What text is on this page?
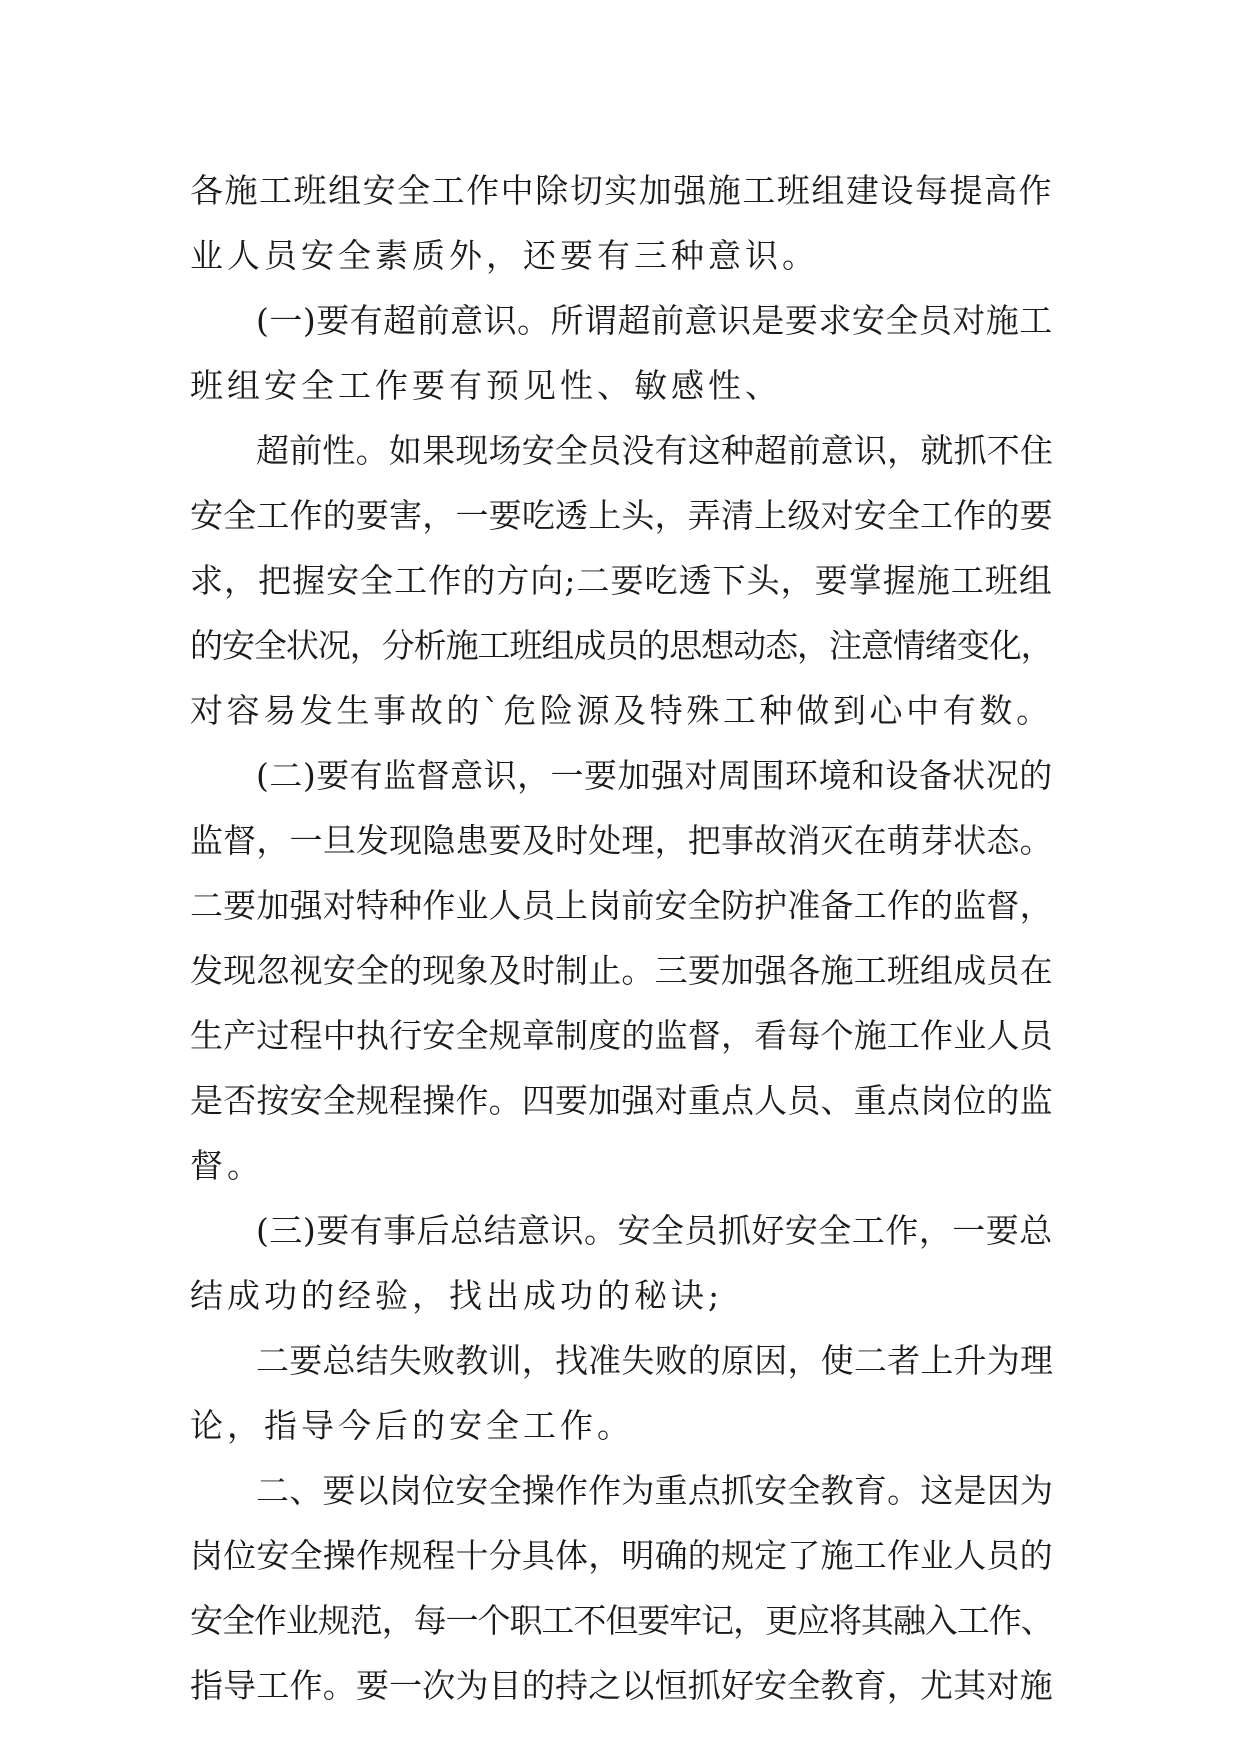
各施工班组安全工作中除切实加强施工班组建设每提高作
业人员安全素质外，还要有三种意识。
(一)要有超前意识。所谓超前意识是要求安全员对施工
班组安全工作要有预见性、敏感性、
超前性。如果现场安全员没有这种超前意识，就抓不住
安全工作的要害，一要吃透上头，弄清上级对安全工作的要
求，把握安全工作的方向;二要吃透下头，要掌握施工班组
的安全状况，分析施工班组成员的思想动态，注意情绪变化，
对容易发生事故的`危险源及特殊工种做到心中有数。
(二)要有监督意识，一要加强对周围环境和设备状况的
监督，一旦发现隐患要及时处理，把事故消灭在萌芽状态。
二要加强对特种作业人员上岗前安全防护准备工作的监督，
发现忽视安全的现象及时制止。三要加强各施工班组成员在
生产过程中执行安全规章制度的监督，看每个施工作业人员
是否按安全规程操作。四要加强对重点人员、重点岗位的监
督。
(三)要有事后总结意识。安全员抓好安全工作，一要总
结成功的经验，找出成功的秘诀;
二要总结失败教训，找准失败的原因，使二者上升为理
论，指导今后的安全工作。
二、要以岗位安全操作作为重点抓安全教育。这是因为
岗位安全操作规程十分具体，明确的规定了施工作业人员的
安全作业规范，每一个职工不但要牢记，更应将其融入工作、
指导工作。要一次为目的持之以恒抓好安全教育，尤其对施
